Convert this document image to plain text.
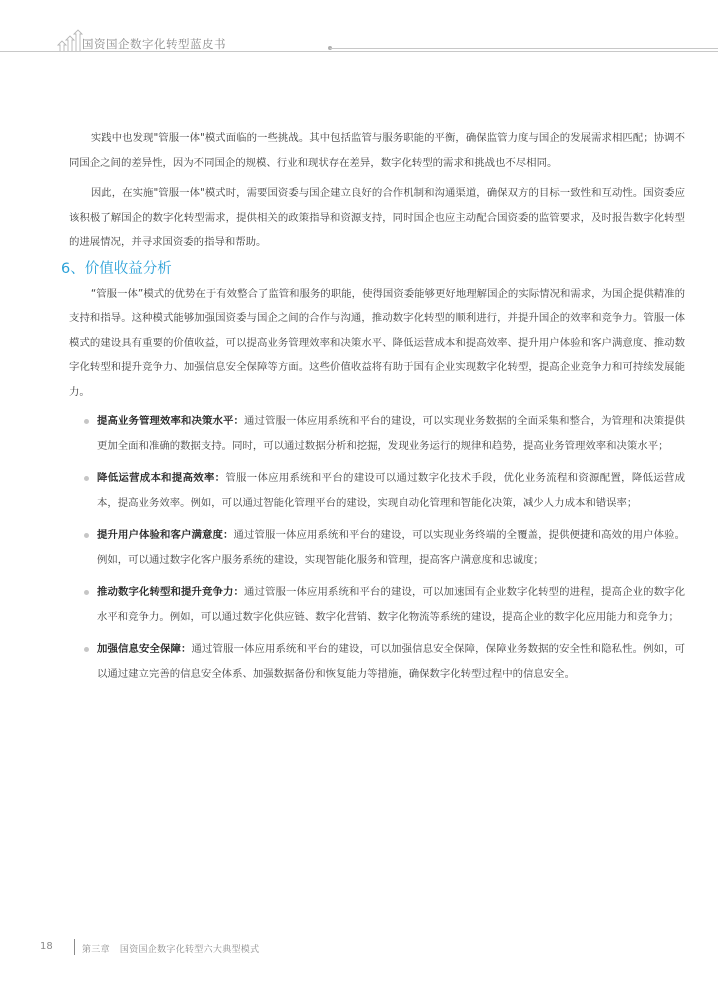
国资国企数字化转型蓝皮书

实践中也发现"管服一体"模式面临的一些挑战。其中包括监管与服务职能的平衡，确保监管力度与国企的发展需求相匹配；协调不同国企之间的差异性，因为不同国企的规模、行业和现状存在差异，数字化转型的需求和挑战也不尽相同。

因此，在实施"管服一体"模式时，需要国资委与国企建立良好的合作机制和沟通渠道，确保双方的目标一致性和互动性。国资委应该积极了解国企的数字化转型需求，提供相关的政策指导和资源支持，同时国企也应主动配合国资委的监管要求，及时报告数字化转型的进展情况，并寻求国资委的指导和帮助。

6、价值收益分析

“管服一体”模式的优势在于有效整合了监管和服务的职能，使得国资委能够更好地理解国企的实际情况和需求，为国企提供精准的支持和指导。这种模式能够加强国资委与国企之间的合作与沟通，推动数字化转型的顺利进行，并提升国企的效率和竞争力。管服一体模式的建设具有重要的价值收益，可以提高业务管理效率和决策水平、降低运营成本和提高效率、提升用户体验和客户满意度、推动数字化转型和提升竞争力、加强信息安全保障等方面。这些价值收益将有助于国有企业实现数字化转型，提高企业竞争力和可持续发展能力。

提高业务管理效率和决策水平：通过管服一体应用系统和平台的建设，可以实现业务数据的全面采集和整合，为管理和决策提供更加全面和准确的数据支持。同时，可以通过数据分析和挖掘，发现业务运行的规律和趋势，提高业务管理效率和决策水平；
降低运营成本和提高效率：管服一体应用系统和平台的建设可以通过数字化技术手段，优化业务流程和资源配置，降低运营成本，提高业务效率。例如，可以通过智能化管理平台的建设，实现自动化管理和智能化决策，减少人力成本和错误率；
提升用户体验和客户满意度：通过管服一体应用系统和平台的建设，可以实现业务终端的全覆盖，提供便捷和高效的用户体验。例如，可以通过数字化客户服务系统的建设，实现智能化服务和管理，提高客户满意度和忠诚度；
推动数字化转型和提升竞争力：通过管服一体应用系统和平台的建设，可以加速国有企业数字化转型的进程，提高企业的数字化水平和竞争力。例如，可以通过数字化供应链、数字化营销、数字化物流等系统的建设，提高企业的数字化应用能力和竞争力；
加强信息安全保障：通过管服一体应用系统和平台的建设，可以加强信息安全保障，保障业务数据的安全性和隐私性。例如，可以通过建立完善的信息安全体系、加强数据备份和恢复能力等措施，确保数字化转型过程中的信息安全。
18	第三章 国资国企数字化转型六大典型模式
